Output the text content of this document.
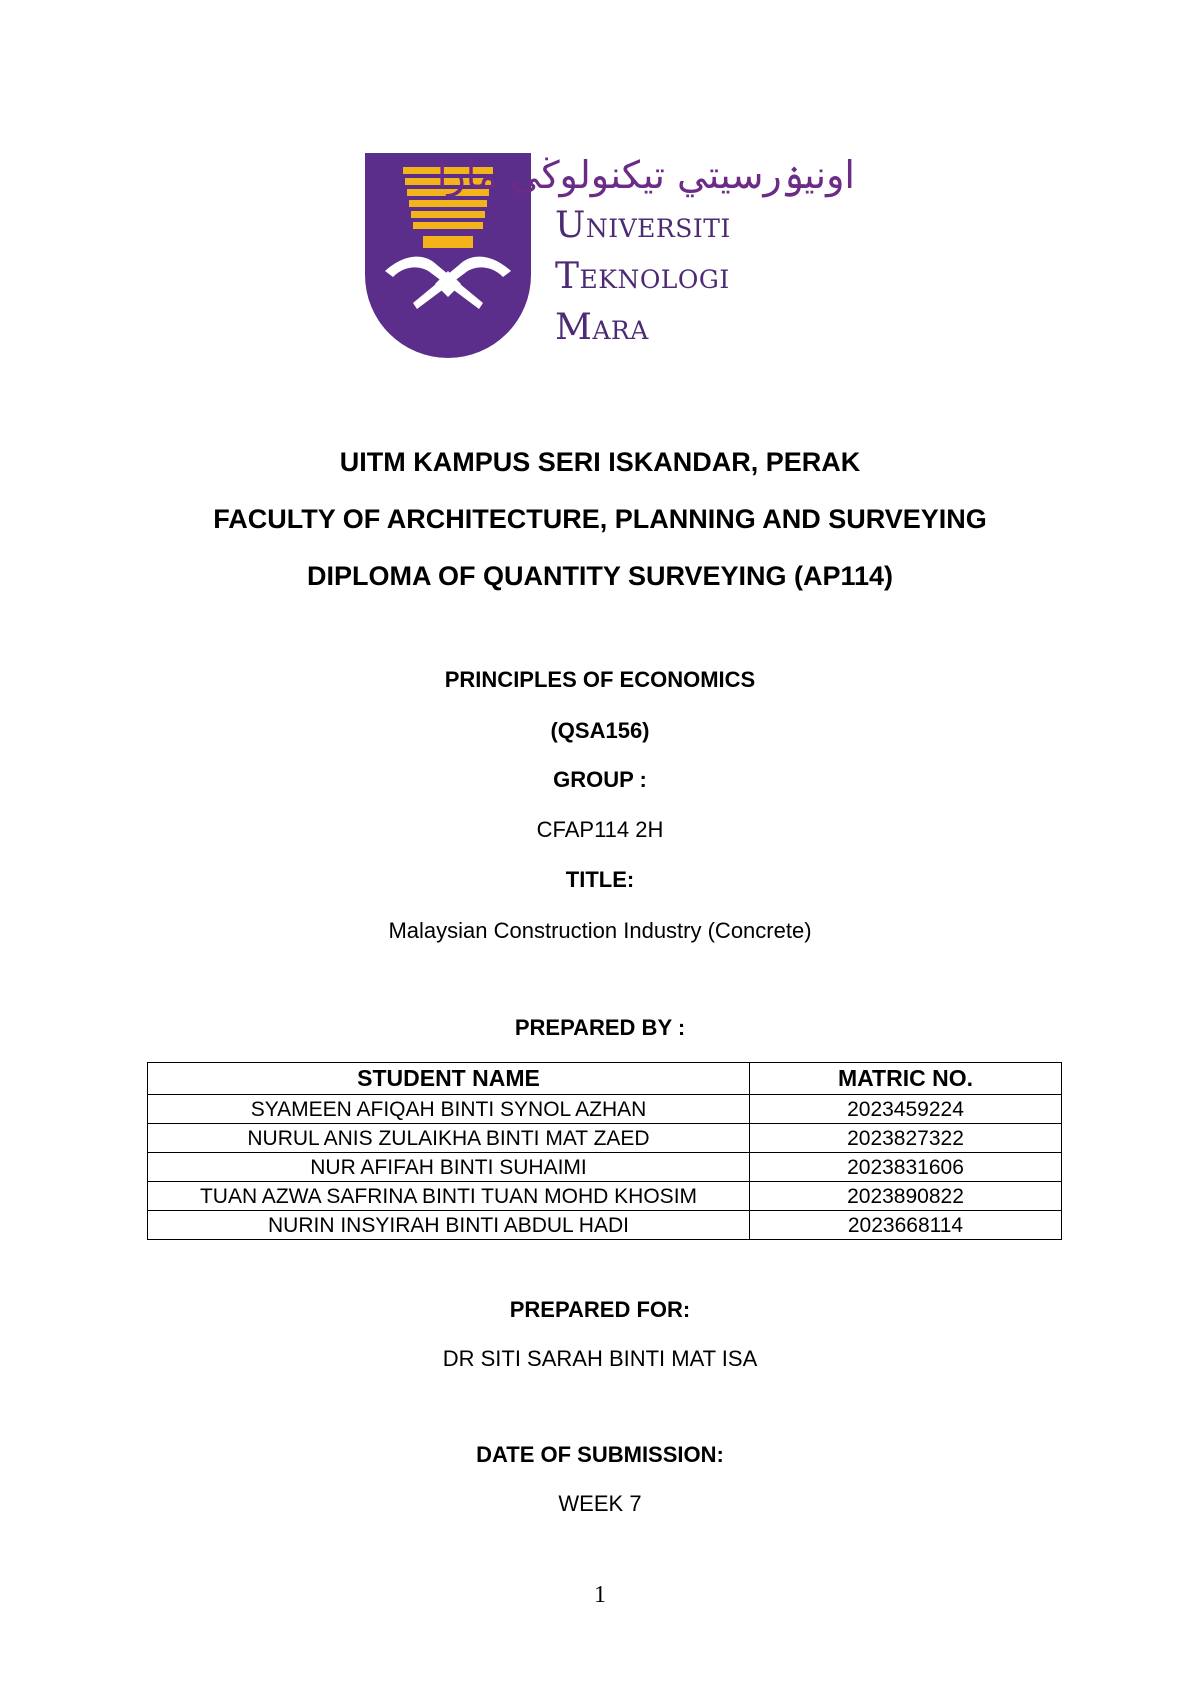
اونيۏرسيتي تيكنولوڬي مارا
Universiti
Teknologi
Mara
UITM KAMPUS SERI ISKANDAR, PERAK
FACULTY OF ARCHITECTURE, PLANNING AND SURVEYING
DIPLOMA OF QUANTITY SURVEYING (AP114)
PRINCIPLES OF ECONOMICS
(QSA156)
GROUP :
CFAP114 2H
TITLE:
Malaysian Construction Industry (Concrete)
PREPARED BY :
STUDENT NAME	MATRIC NO.
SYAMEEN AFIQAH BINTI SYNOL AZHAN	2023459224
NURUL ANIS ZULAIKHA BINTI MAT ZAED	2023827322
NUR AFIFAH BINTI SUHAIMI	2023831606
TUAN AZWA SAFRINA BINTI TUAN MOHD KHOSIM	2023890822
NURIN INSYIRAH BINTI ABDUL HADI	2023668114
PREPARED FOR:
DR SITI SARAH BINTI MAT ISA
DATE OF SUBMISSION:
WEEK 7
1
